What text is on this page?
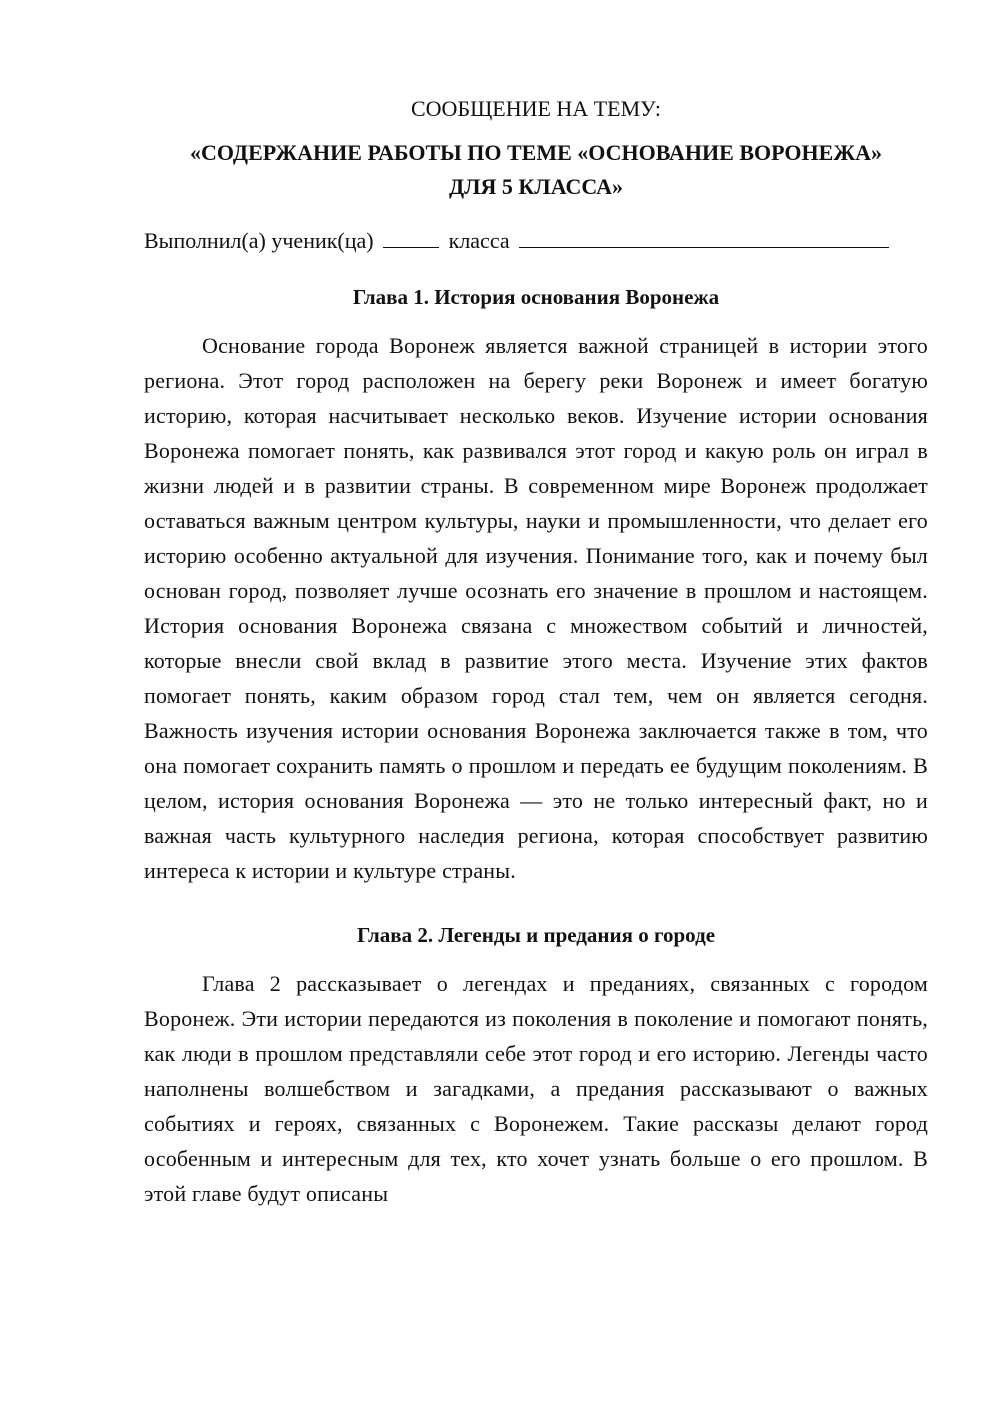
СООБЩЕНИЕ НА ТЕМУ:

«СОДЕРЖАНИЕ РАБОТЫ ПО ТЕМЕ «ОСНОВАНИЕ ВОРОНЕЖА»
ДЛЯ 5 КЛАССА»

Выполнил(а) ученик(ца)	класса

Глава 1. История основания Воронежа

Основание города Воронеж является важной страницей в истории этого региона. Этот город расположен на берегу реки Воронеж и имеет богатую историю, которая насчитывает несколько веков. Изучение истории основания Воронежа помогает понять, как развивался этот город и какую роль он играл в жизни людей и в развитии страны. В современном мире Воронеж продолжает оставаться важным центром культуры, науки и промышленности, что делает его историю особенно актуальной для изучения. Понимание того, как и почему был основан город, позволяет лучше осознать его значение в прошлом и настоящем. История основания Воронежа связана с множеством событий и личностей, которые внесли свой вклад в развитие этого места. Изучение этих фактов помогает понять, каким образом город стал тем, чем он является сегодня. Важность изучения истории основания Воронежа заключается также в том, что она помогает сохранить память о прошлом и передать ее будущим поколениям. В целом, история основания Воронежа — это не только интересный факт, но и важная часть культурного наследия региона, которая способствует развитию интереса к истории и культуре страны.

Глава 2. Легенды и предания о городе

Глава 2 рассказывает о легендах и преданиях, связанных с городом Воронеж. Эти истории передаются из поколения в поколение и помогают понять, как люди в прошлом представляли себе этот город и его историю. Легенды часто наполнены волшебством и загадками, а предания рассказывают о важных событиях и героях, связанных с Воронежем. Такие рассказы делают город особенным и интересным для тех, кто хочет узнать больше о его прошлом. В этой главе будут описаны
